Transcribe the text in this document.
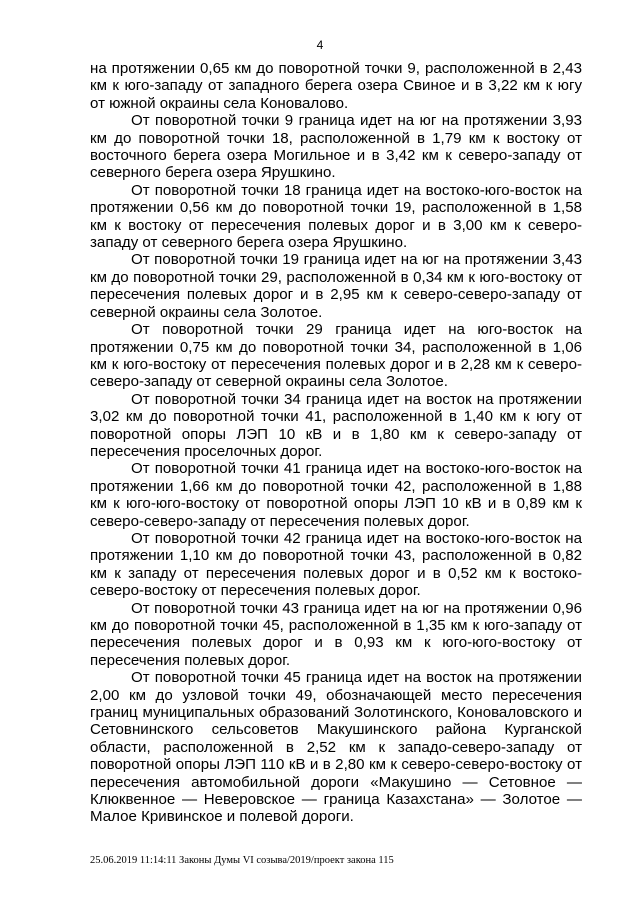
4

на протяжении 0,65 км до поворотной точки 9, расположенной в 2,43 км к юго-западу от западного берега озера Свиное и в 3,22 км к югу от южной окраины села Коновалово.

От поворотной точки 9 граница идет на юг на протяжении 3,93 км до поворотной точки 18, расположенной в 1,79 км к востоку от восточного берега озера Могильное и в 3,42 км к северо-западу от северного берега озера Ярушкино.

От поворотной точки 18 граница идет на востоко-юго-восток на протяжении 0,56 км до поворотной точки 19, расположенной в 1,58 км к востоку от пересечения полевых дорог и в 3,00 км к северо-западу от северного берега озера Ярушкино.

От поворотной точки 19 граница идет на юг на протяжении 3,43 км до поворотной точки 29, расположенной в 0,34 км к юго-востоку от пересечения полевых дорог и в 2,95 км к северо-северо-западу от северной окраины села Золотое.

От поворотной точки 29 граница идет на юго-восток на протяжении 0,75 км до поворотной точки 34, расположенной в 1,06 км к юго-востоку от пересечения полевых дорог и в 2,28 км к северо-северо-западу от северной окраины села Золотое.

От поворотной точки 34 граница идет на восток на протяжении 3,02 км до поворотной точки 41, расположенной в 1,40 км к югу от поворотной опоры ЛЭП 10 кВ и в 1,80 км к северо-западу от пересечения проселочных дорог.

От поворотной точки 41 граница идет на востоко-юго-восток на протяжении 1,66 км до поворотной точки 42, расположенной в 1,88 км к юго-юго-востоку от поворотной опоры ЛЭП 10 кВ и в 0,89 км к северо-северо-западу от пересечения полевых дорог.

От поворотной точки 42 граница идет на востоко-юго-восток на протяжении 1,10 км до поворотной точки 43, расположенной в 0,82 км к западу от пересечения полевых дорог и в 0,52 км к востоко-северо-востоку от пересечения полевых дорог.

От поворотной точки 43 граница идет на юг на протяжении 0,96 км до поворотной точки 45, расположенной в 1,35 км к юго-западу от пересечения полевых дорог и в 0,93 км к юго-юго-востоку от пересечения полевых дорог.

От поворотной точки 45 граница идет на восток на протяжении 2,00 км до узловой точки 49, обозначающей место пересечения границ муниципальных образований Золотинского, Коноваловского и Сетовнинского сельсоветов Макушинского района Курганской области, расположенной в 2,52 км к западо-северо-западу от поворотной опоры ЛЭП 110 кВ и в 2,80 км к северо-северо-востоку от пересечения автомобильной дороги «Макушино — Сетовное — Клюквенное — Неверовское — граница Казахстана» — Золотое — Малое Кривинское и полевой дороги.

25.06.2019 11:14:11 Законы Думы VI созыва/2019/проект закона 115
